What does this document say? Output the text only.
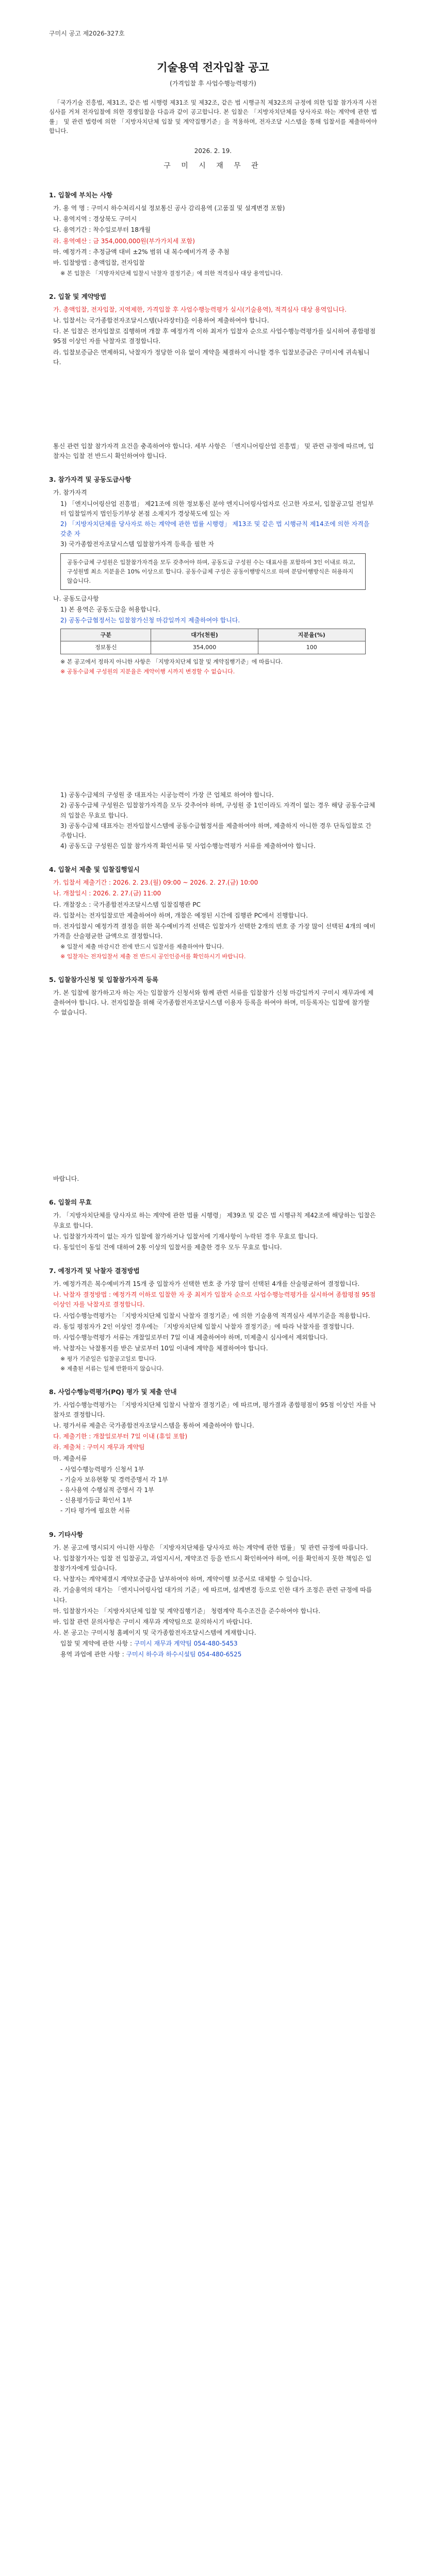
구미시 공고 제2026-327호
기술용역 전자입찰 공고
(가격입찰 후 사업수행능력평가)
「국가기술 진흥법, 제31조, 같은 법 시행령 제31조 및 제32조, 같은 법 시행규칙 제32조의 규정에 의한 입찰 참가자격 사전심사를 거쳐 전자입찰에 의한 경쟁입찰을 다음과 같이 공고합니다. 본 입찰은 「지방자치단체를 당사자로 하는 계약에 관한 법률」 및 관련 법령에 의한 「지방자치단체 입찰 및 계약집행기준」을 적용하며, 전자조달 시스템을 통해 입찰서를 제출하여야 합니다.
2026. 2. 19.
구 미 시 재 무 관
1. 입찰에 부치는 사항
가. 용 역 명 : 구미시 하수처리시설 정보통신 공사 감리용역 (고품질 및 설계변경 포함)
나. 용역지역 : 경상북도 구미시
다. 용역기간 : 착수일로부터 18개월
라. 용역예산 : 금 354,000,000원(부가가치세 포함)
마. 예정가격 : 추정금액 대비 ±2% 범위 내 복수예비가격 중 추첨
바. 입찰방법 : 총액입찰, 전자입찰
※ 본 입찰은 「지방자치단체 입찰시 낙찰자 결정기준」에 의한 적격심사 대상 용역입니다.
2. 입찰 및 계약방법
가. 총액입찰, 전자입찰, 지역제한, 가격입찰 후 사업수행능력평가 실시(기술용역), 적격심사 대상 용역입니다.
나. 입찰서는 국가종합전자조달시스템(나라장터)을 이용하여 제출하여야 합니다.
다. 본 입찰은 전자입찰로 집행하며 개찰 후 예정가격 이하 최저가 입찰자 순으로 사업수행능력평가를 실시하여 종합평점 95점 이상인 자를 낙찰자로 결정합니다.
라. 입찰보증금은 면제하되, 낙찰자가 정당한 이유 없이 계약을 체결하지 아니할 경우 입찰보증금은 구미시에 귀속됩니다.
통신 관련 입찰 참가자격 요건을 충족하여야 합니다. 세부 사항은 「엔지니어링산업 진흥법」 및 관련 규정에 따르며, 입찰자는 입찰 전 반드시 확인하여야 합니다.
3. 참가자격 및 공동도급사항
가. 참가자격
1) 「엔지니어링산업 진흥법」 제21조에 의한 정보통신 분야 엔지니어링사업자로 신고한 자로서, 입찰공고일 전일부터 입찰일까지 법인등기부상 본점 소재지가 경상북도에 있는 자
2) 「지방자치단체를 당사자로 하는 계약에 관한 법률 시행령」 제13조 및 같은 법 시행규칙 제14조에 의한 자격을 갖춘 자
3) 국가종합전자조달시스템 입찰참가자격 등록을 필한 자
공동수급체 구성원은 입찰참가자격을 모두 갖추어야 하며, 공동도급 구성원 수는 대표사를 포함하여 3인 이내로 하고, 구성원별 최소 지분율은 10% 이상으로 합니다. 공동수급체 구성은 공동이행방식으로 하며 분담이행방식은 허용하지 않습니다.
나. 공동도급사항
1) 본 용역은 공동도급을 허용합니다.
2) 공동수급협정서는 입찰참가신청 마감일까지 제출하여야 합니다.
구분	대가(천원)	지분율(%)
정보통신	354,000	100
※ 본 공고에서 정하지 아니한 사항은 「지방자치단체 입찰 및 계약집행기준」에 따릅니다.
※ 공동수급체 구성원의 지분율은 계약이행 시까지 변경할 수 없습니다.
1) 공동수급체의 구성원 중 대표자는 시공능력이 가장 큰 업체로 하여야 합니다.
2) 공동수급체 구성원은 입찰참가자격을 모두 갖추어야 하며, 구성원 중 1인이라도 자격이 없는 경우 해당 공동수급체의 입찰은 무효로 합니다.
3) 공동수급체 대표자는 전자입찰시스템에 공동수급협정서를 제출하여야 하며, 제출하지 아니한 경우 단독입찰로 간주합니다.
4) 공동도급 구성원은 입찰 참가자격 확인서류 및 사업수행능력평가 서류를 제출하여야 합니다.
4. 입찰서 제출 및 입찰집행일시
가. 입찰서 제출기간 : 2026. 2. 23.(월) 09:00 ~ 2026. 2. 27.(금) 10:00
나. 개찰일시 : 2026. 2. 27.(금) 11:00
다. 개찰장소 : 국가종합전자조달시스템 입찰집행관 PC
라. 입찰서는 전자입찰로만 제출하여야 하며, 개찰은 예정된 시간에 집행관 PC에서 진행합니다.
마. 전자입찰시 예정가격 결정을 위한 복수예비가격 선택은 입찰자가 선택한 2개의 번호 중 가장 많이 선택된 4개의 예비가격을 산술평균한 금액으로 결정합니다.
※ 입찰서 제출 마감시간 전에 반드시 입찰서를 제출하여야 합니다.
※ 입찰자는 전자입찰서 제출 전 반드시 공인인증서를 확인하시기 바랍니다.
5. 입찰참가신청 및 입찰참가자격 등록
가. 본 입찰에 참가하고자 하는 자는 입찰참가 신청서와 함께 관련 서류를 입찰참가 신청 마감일까지 구미시 재무과에 제출하여야 합니다. 나. 전자입찰을 위해 국가종합전자조달시스템 이용자 등록을 하여야 하며, 미등록자는 입찰에 참가할 수 없습니다.
바랍니다.
6. 입찰의 무효
가. 「지방자치단체를 당사자로 하는 계약에 관한 법률 시행령」 제39조 및 같은 법 시행규칙 제42조에 해당하는 입찰은 무효로 합니다.
나. 입찰참가자격이 없는 자가 입찰에 참가하거나 입찰서에 기재사항이 누락된 경우 무효로 합니다.
다. 동일인이 동일 건에 대하여 2통 이상의 입찰서를 제출한 경우 모두 무효로 합니다.
7. 예정가격 및 낙찰자 결정방법
가. 예정가격은 복수예비가격 15개 중 입찰자가 선택한 번호 중 가장 많이 선택된 4개를 산술평균하여 결정합니다.
나. 낙찰자 결정방법 : 예정가격 이하로 입찰한 자 중 최저가 입찰자 순으로 사업수행능력평가를 실시하여 종합평점 95점 이상인 자를 낙찰자로 결정합니다.
다. 사업수행능력평가는 「지방자치단체 입찰시 낙찰자 결정기준」에 의한 기술용역 적격심사 세부기준을 적용합니다.
라. 동일 평점자가 2인 이상인 경우에는 「지방자치단체 입찰시 낙찰자 결정기준」에 따라 낙찰자를 결정합니다.
마. 사업수행능력평가 서류는 개찰일로부터 7일 이내 제출하여야 하며, 미제출시 심사에서 제외합니다.
바. 낙찰자는 낙찰통지를 받은 날로부터 10일 이내에 계약을 체결하여야 합니다.
※ 평가 기준일은 입찰공고일로 합니다.
※ 제출된 서류는 일체 반환하지 않습니다.
8. 사업수행능력평가(PQ) 평가 및 제출 안내
가. 사업수행능력평가는 「지방자치단체 입찰시 낙찰자 결정기준」에 따르며, 평가결과 종합평점이 95점 이상인 자를 낙찰자로 결정합니다.
나. 평가서류 제출은 국가종합전자조달시스템을 통하여 제출하여야 합니다.
다. 제출기한 : 개찰일로부터 7일 이내 (휴일 포함)
라. 제출처 : 구미시 재무과 계약팀
마. 제출서류
- 사업수행능력평가 신청서 1부
- 기술자 보유현황 및 경력증명서 각 1부
- 유사용역 수행실적 증명서 각 1부
- 신용평가등급 확인서 1부
- 기타 평가에 필요한 서류
9. 기타사항
가. 본 공고에 명시되지 아니한 사항은 「지방자치단체를 당사자로 하는 계약에 관한 법률」 및 관련 규정에 따릅니다.
나. 입찰참가자는 입찰 전 입찰공고, 과업지시서, 계약조건 등을 반드시 확인하여야 하며, 이를 확인하지 못한 책임은 입찰참가자에게 있습니다.
다. 낙찰자는 계약체결시 계약보증금을 납부하여야 하며, 계약이행 보증서로 대체할 수 있습니다.
라. 기술용역의 대가는 「엔지니어링사업 대가의 기준」에 따르며, 설계변경 등으로 인한 대가 조정은 관련 규정에 따릅니다.
마. 입찰참가자는 「지방자치단체 입찰 및 계약집행기준」 청렴계약 특수조건을 준수하여야 합니다.
바. 입찰 관련 문의사항은 구미시 재무과 계약팀으로 문의하시기 바랍니다.
사. 본 공고는 구미시청 홈페이지 및 국가종합전자조달시스템에 게재합니다.
입찰 및 계약에 관한 사항 : 구미시 재무과 계약팀 054-480-5453
용역 과업에 관한 사항 : 구미시 하수과 하수시설팀 054-480-6525
